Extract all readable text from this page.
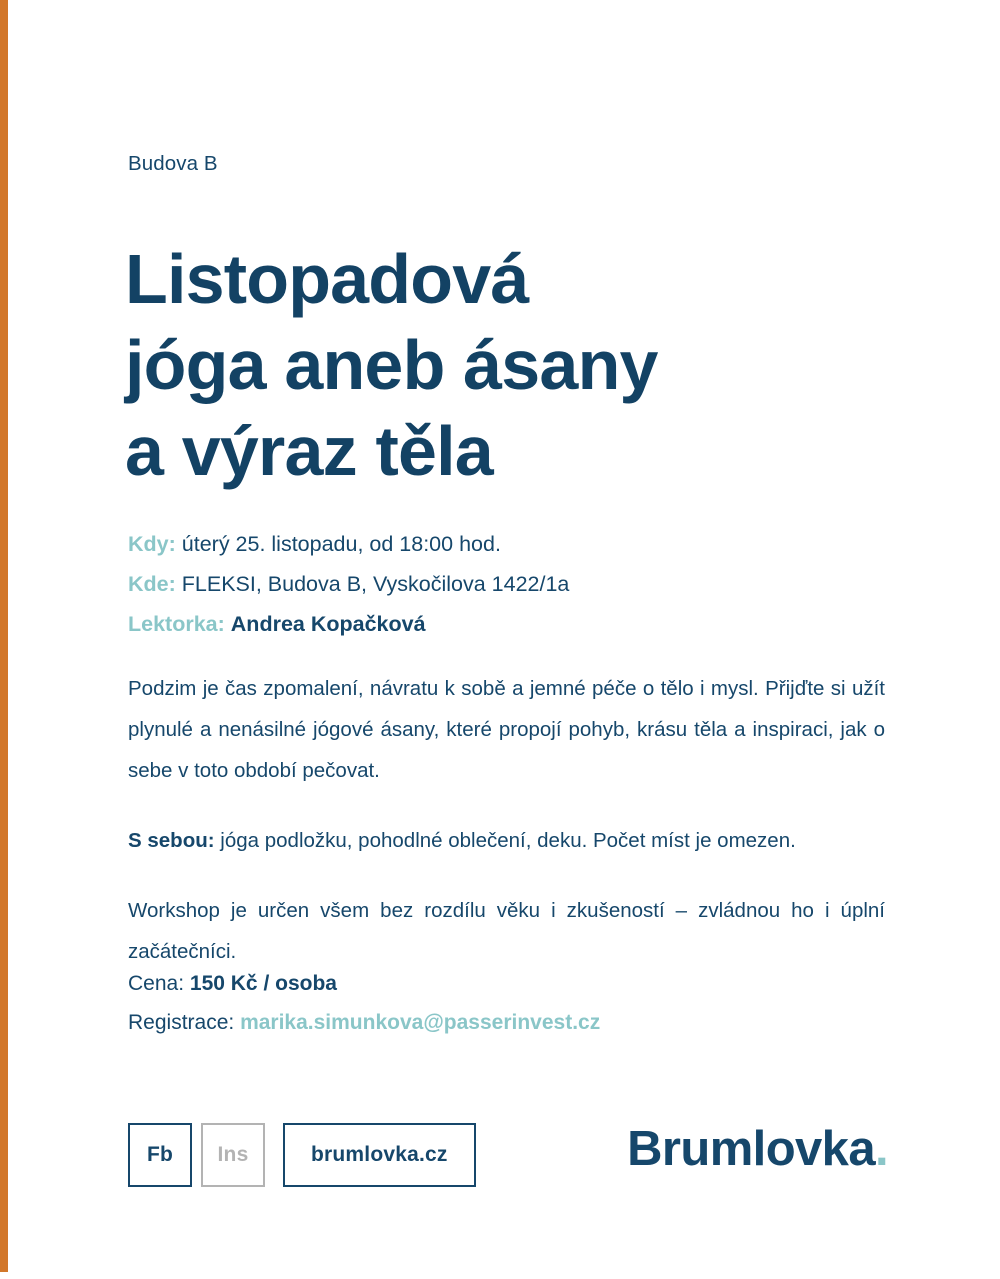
Budova B
Listopadová
jóga aneb ásany
a výraz těla
Kdy: úterý 25. listopadu, od 18:00 hod.
Kde: FLEKSI, Budova B, Vyskočilova 1422/1a
Lektorka: Andrea Kopačková

Podzim je čas zpomalení, návratu k sobě a jemné péče o tělo i mysl. Přijďte si užít plynulé a nenásilné jógové ásany, které propojí pohyb, krásu těla a inspiraci, jak o sebe v toto období pečovat.

S sebou: jóga podložku, pohodlné oblečení, deku. Počet míst je omezen.

Workshop je určen všem bez rozdílu věku i zkušeností – zvládnou ho i úplní začátečníci.

Cena: 150 Kč / osoba
Registrace: marika.simunkova@passerinvest.cz
Fb	Ins	brumlovka.cz	Brumlovka.
